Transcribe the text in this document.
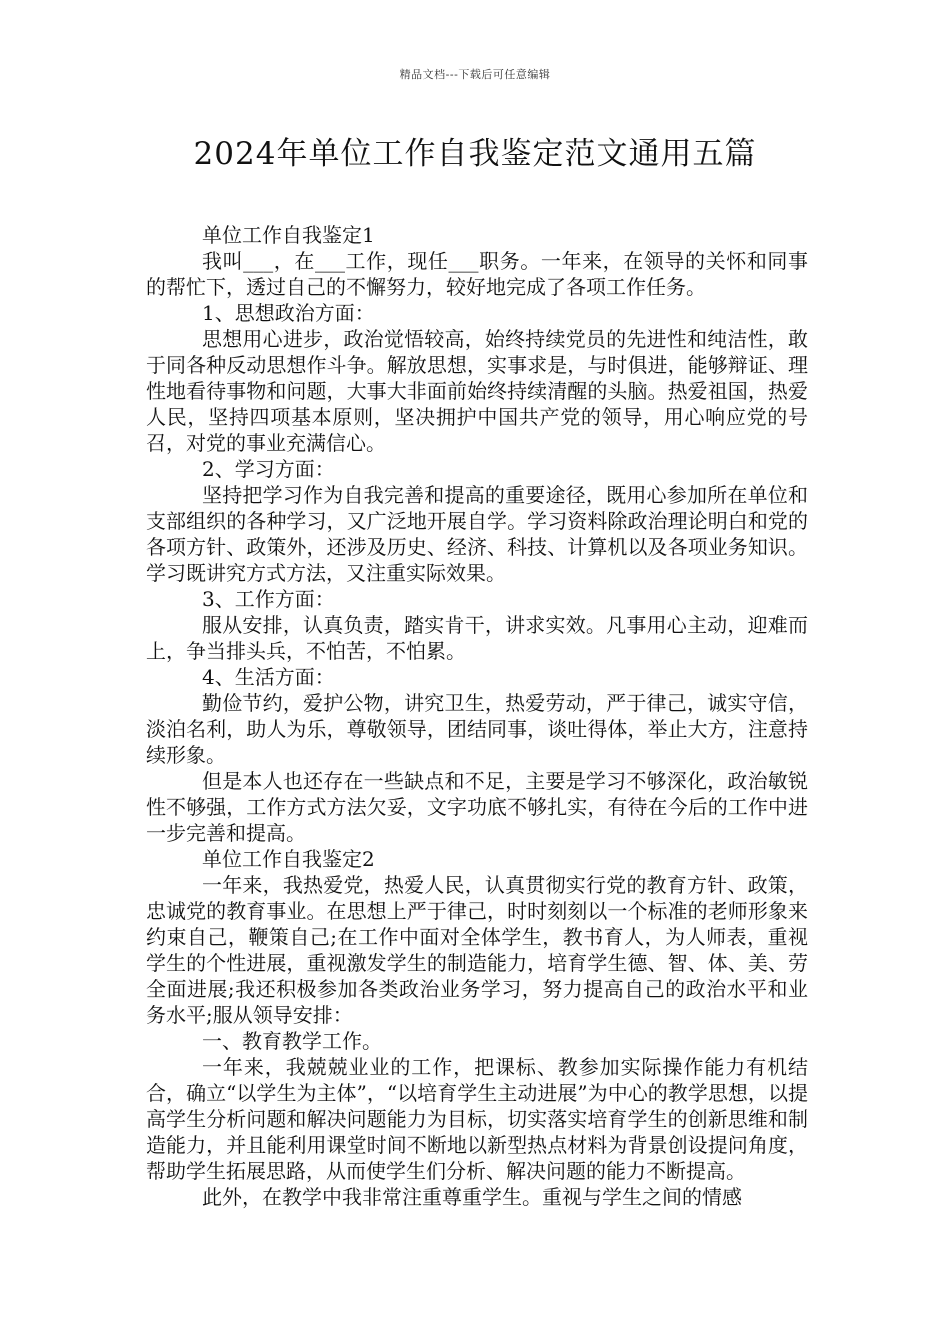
精品文档---下载后可任意编辑
2024年单位工作自我鉴定范文通用五篇

单位工作自我鉴定1

我叫___，在___工作，现任___职务。一年来，在领导的关怀和同事的帮忙下，透过自己的不懈努力，较好地完成了各项工作任务。

1、思想政治方面：

思想用心进步，政治觉悟较高，始终持续党员的先进性和纯洁性，敢于同各种反动思想作斗争。解放思想，实事求是，与时俱进，能够辩证、理性地看待事物和问题，大事大非面前始终持续清醒的头脑。热爱祖国，热爱人民，坚持四项基本原则，坚决拥护中国共产党的领导，用心响应党的号召，对党的事业充满信心。

2、学习方面：

坚持把学习作为自我完善和提高的重要途径，既用心参加所在单位和支部组织的各种学习，又广泛地开展自学。学习资料除政治理论明白和党的各项方针、政策外，还涉及历史、经济、科技、计算机以及各项业务知识。学习既讲究方式方法，又注重实际效果。

3、工作方面：

服从安排，认真负责，踏实肯干，讲求实效。凡事用心主动，迎难而上，争当排头兵，不怕苦，不怕累。

4、生活方面：

勤俭节约，爱护公物，讲究卫生，热爱劳动，严于律己，诚实守信，淡泊名利，助人为乐，尊敬领导，团结同事，谈吐得体，举止大方，注意持续形象。

但是本人也还存在一些缺点和不足，主要是学习不够深化，政治敏锐性不够强，工作方式方法欠妥，文字功底不够扎实，有待在今后的工作中进一步完善和提高。

单位工作自我鉴定2

一年来，我热爱党，热爱人民，认真贯彻实行党的教育方针、政策，忠诚党的教育事业。在思想上严于律己，时时刻刻以一个标准的老师形象来约束自己，鞭策自己;在工作中面对全体学生，教书育人，为人师表，重视学生的个性进展，重视激发学生的制造能力，培育学生德、智、体、美、劳全面进展;我还积极参加各类政治业务学习，努力提高自己的政治水平和业务水平;服从领导安排：

一、教育教学工作。

一年来，我兢兢业业的工作，把课标、教参加实际操作能力有机结合，确立“以学生为主体”，“以培育学生主动进展”为中心的教学思想，以提高学生分析问题和解决问题能力为目标，切实落实培育学生的创新思维和制造能力，并且能利用课堂时间不断地以新型热点材料为背景创设提问角度，帮助学生拓展思路，从而使学生们分析、解决问题的能力不断提高。

此外，在教学中我非常注重尊重学生。重视与学生之间的情感
